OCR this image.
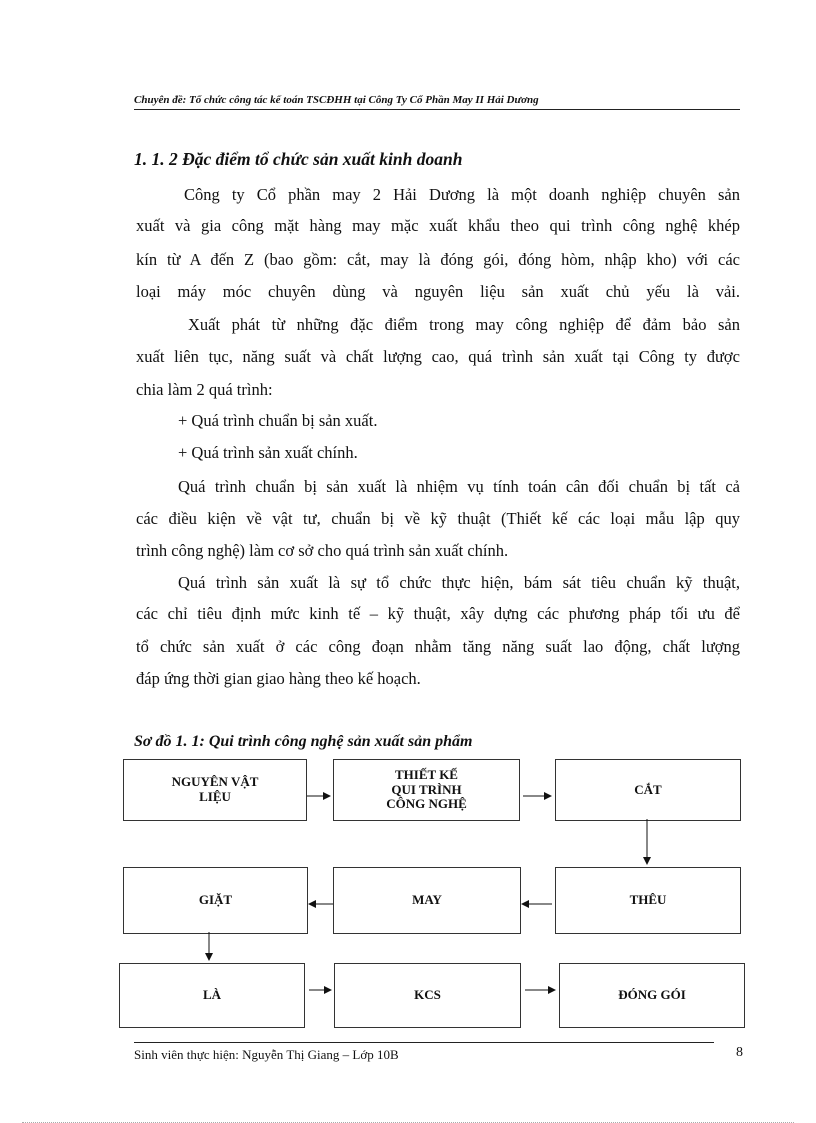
Chuyên đề: Tổ chức công tác kế toán TSCĐHH tại Công Ty Cổ Phần May II Hải Dương
1. 1. 2 Đặc điểm tổ chức sản xuất kinh doanh
Công ty Cổ phần may 2 Hải Dương là một doanh nghiệp chuyên sản
xuất và gia công mặt hàng may mặc xuất khẩu theo qui trình công nghệ khép
kín từ A đến Z (bao gồm: cắt, may là đóng gói, đóng hòm, nhập kho) với các
loại máy móc chuyên dùng và nguyên liệu sản xuất chủ yếu là vải.
Xuất phát từ những đặc điểm trong may công nghiệp để đảm bảo sản
xuất liên tục, năng suất và chất lượng cao, quá trình sản xuất tại Công ty được
chia làm 2 quá trình:
+ Quá trình chuẩn bị sản xuất.
+ Quá trình sản xuất chính.
Quá trình chuẩn bị sản xuất là nhiệm vụ tính toán cân đối chuẩn bị tất cả
các điều kiện về vật tư, chuẩn bị về kỹ thuật (Thiết kế các loại mẫu lập quy
trình công nghệ) làm cơ sở cho quá trình sản xuất chính.
Quá trình sản xuất là sự tổ chức thực hiện, bám sát tiêu chuẩn kỹ thuật,
các chỉ tiêu định mức kinh tế – kỹ thuật, xây dựng các phương pháp tối ưu để
tổ chức sản xuất ở các công đoạn nhằm tăng năng suất lao động, chất lượng
đáp ứng thời gian giao hàng theo kế hoạch.
Sơ đồ 1. 1: Qui trình công nghệ sản xuất sản phẩm
NGUYÊN VẬT
LIỆU
THIẾT KẾ
QUI TRÌNH
CÔNG NGHỆ
CẮT
THÊU
MAY
GIẶT
LÀ	KCS	ĐÓNG GÓI
Sinh viên thực hiện: Nguyễn Thị Giang – Lớp 10B	8
